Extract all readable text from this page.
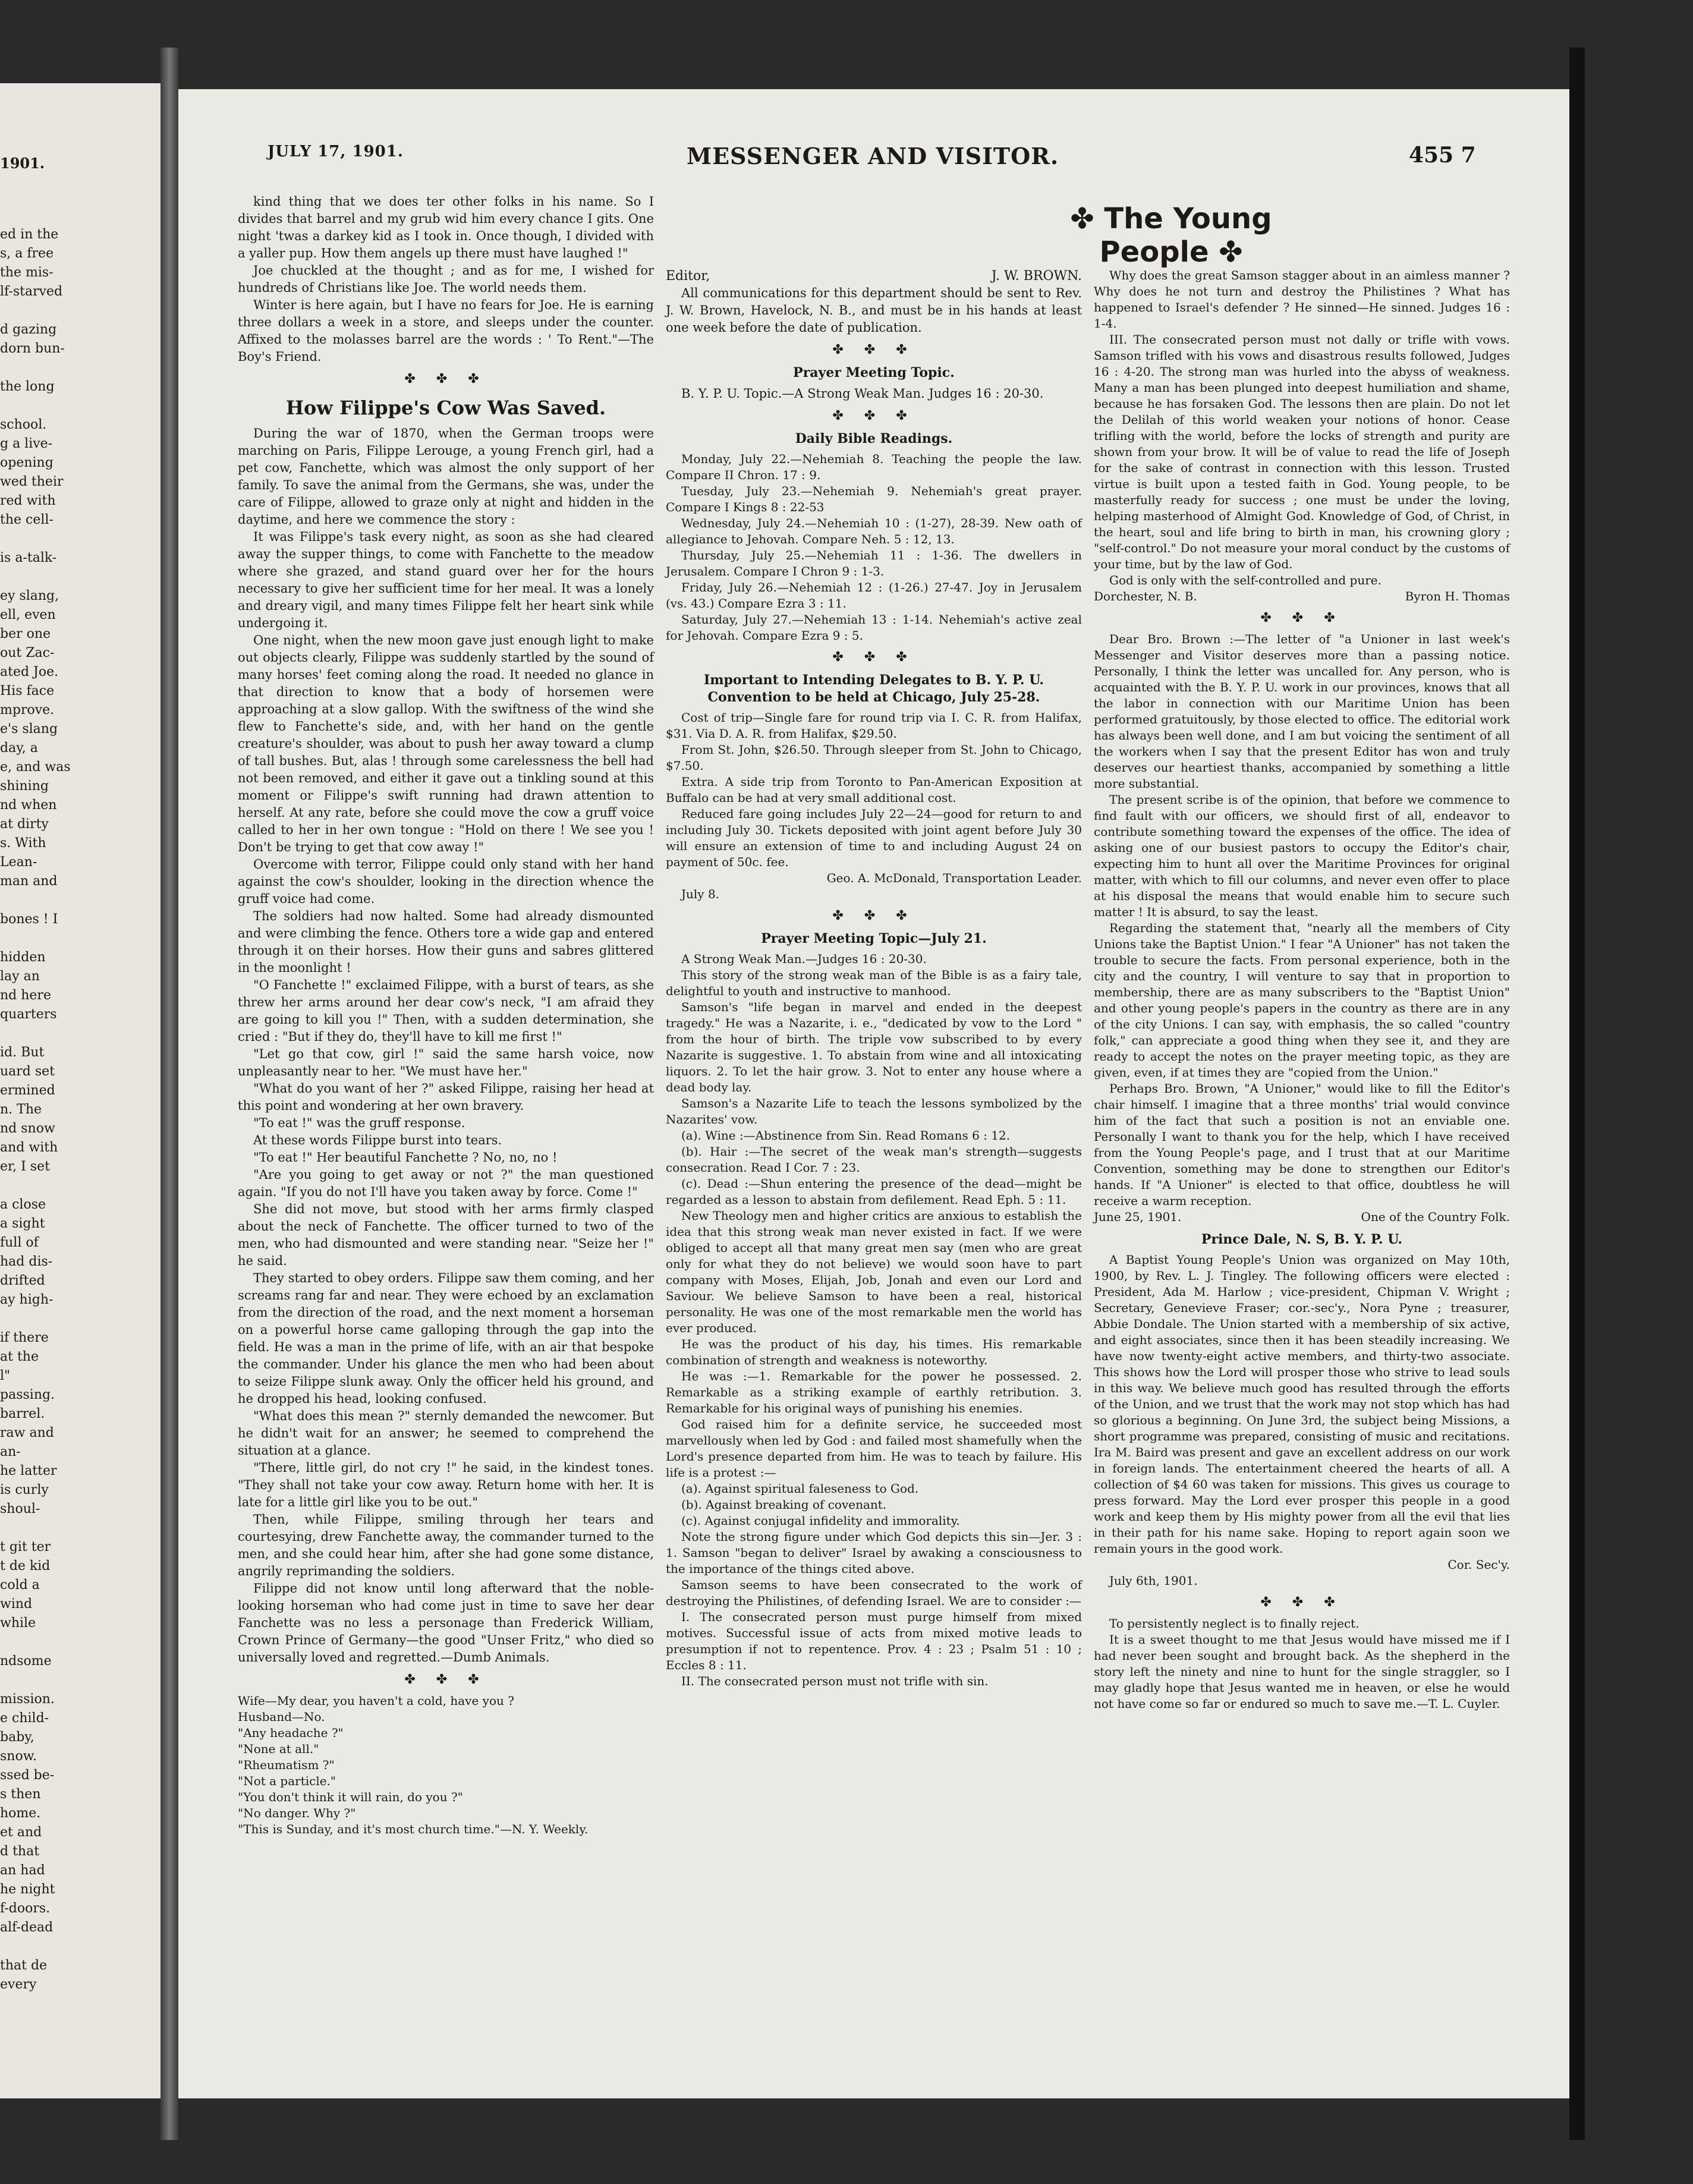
1901.
ed in the
s, a free
the mis-
lf-starved
d gazing
dorn bun-
the long
school.
g a live-
opening
wed their
red with
the cell-
is a-talk-
ey slang,
ell, even
ber one
out Zac-
ated Joe.
His face
mprove.
e's slang
day, a
e, and was
shining
nd when
at dirty
s. With
Lean-
man and
bones ! I
hidden
lay an
nd here
quarters
id. But
uard set
ermined
n. The
nd snow
and with
er, I set
a close
a sight
full of
had dis-
drifted
ay high-
if there
at the
l"
passing.
barrel.
raw and
an-
he latter
is curly
shoul-
t git ter
t de kid
cold a
wind
while
ndsome
mission.
e child-
baby,
snow.
ssed be-
s then
home.
et and
d that
an had
he night
f-doors.
alf-dead
that de
every
JULY 17, 1901.	MESSENGER AND VISITOR.	455 7

kind thing that we does ter other folks in his name. So I divides that barrel and my grub wid him every chance I gits. One night 'twas a darkey kid as I took in. Once though, I divided with a yaller pup. How them angels up there must have laughed !"

Joe chuckled at the thought ; and as for me, I wished for hundreds of Christians like Joe. The world needs them.

Winter is here again, but I have no fears for Joe. He is earning three dollars a week in a store, and sleeps under the counter. Affixed to the molasses barrel are the words : ' To Rent."—The Boy's Friend.

✤ ✤ ✤
How Filippe's Cow Was Saved.

During the war of 1870, when the German troops were marching on Paris, Filippe Lerouge, a young French girl, had a pet cow, Fanchette, which was almost the only support of her family. To save the animal from the Germans, she was, under the care of Filippe, allowed to graze only at night and hidden in the daytime, and here we commence the story :

It was Filippe's task every night, as soon as she had cleared away the supper things, to come with Fanchette to the meadow where she grazed, and stand guard over her for the hours necessary to give her sufficient time for her meal. It was a lonely and dreary vigil, and many times Filippe felt her heart sink while undergoing it.

One night, when the new moon gave just enough light to make out objects clearly, Filippe was suddenly startled by the sound of many horses' feet coming along the road. It needed no glance in that direction to know that a body of horsemen were approaching at a slow gallop. With the swiftness of the wind she flew to Fanchette's side, and, with her hand on the gentle creature's shoulder, was about to push her away toward a clump of tall bushes. But, alas ! through some carelessness the bell had not been removed, and either it gave out a tinkling sound at this moment or Filippe's swift running had drawn attention to herself. At any rate, before she could move the cow a gruff voice called to her in her own tongue : "Hold on there ! We see you ! Don't be trying to get that cow away !"

Overcome with terror, Filippe could only stand with her hand against the cow's shoulder, looking in the direction whence the gruff voice had come.

The soldiers had now halted. Some had already dismounted and were climbing the fence. Others tore a wide gap and entered through it on their horses. How their guns and sabres glittered in the moonlight !

"O Fanchette !" exclaimed Filippe, with a burst of tears, as she threw her arms around her dear cow's neck, "I am afraid they are going to kill you !" Then, with a sudden determination, she cried : "But if they do, they'll have to kill me first !"

"Let go that cow, girl !" said the same harsh voice, now unpleasantly near to her. "We must have her."

"What do you want of her ?" asked Filippe, raising her head at this point and wondering at her own bravery.

"To eat !" was the gruff response.

At these words Filippe burst into tears.

"To eat !" Her beautiful Fanchette ? No, no, no !

"Are you going to get away or not ?" the man questioned again. "If you do not I'll have you taken away by force. Come !"

She did not move, but stood with her arms firmly clasped about the neck of Fanchette. The officer turned to two of the men, who had dismounted and were standing near. "Seize her !" he said.

They started to obey orders. Filippe saw them coming, and her screams rang far and near. They were echoed by an exclamation from the direction of the road, and the next moment a horseman on a powerful horse came galloping through the gap into the field. He was a man in the prime of life, with an air that bespoke the commander. Under his glance the men who had been about to seize Filippe slunk away. Only the officer held his ground, and he dropped his head, looking confused.

"What does this mean ?" sternly demanded the newcomer. But he didn't wait for an answer; he seemed to comprehend the situation at a glance.

"There, little girl, do not cry !" he said, in the kindest tones. "They shall not take your cow away. Return home with her. It is late for a little girl like you to be out."

Then, while Filippe, smiling through her tears and courtesying, drew Fanchette away, the commander turned to the men, and she could hear him, after she had gone some distance, angrily reprimanding the soldiers.

Filippe did not know until long afterward that the noble-looking horseman who had come just in time to save her dear Fanchette was no less a personage than Frederick William, Crown Prince of Germany—the good "Unser Fritz," who died so universally loved and regretted.—Dumb Animals.

✤ ✤ ✤

Wife—My dear, you haven't a cold, have you ?

Husband—No.

"Any headache ?"

"None at all."

"Rheumatism ?"

"Not a particle."

"You don't think it will rain, do you ?"

"No danger. Why ?"

"This is Sunday, and it's most church time."—N. Y. Weekly.

✤ The Young People ✤
Editor,	J. W. BROWN.

All communications for this department should be sent to Rev. J. W. Brown, Havelock, N. B., and must be in his hands at least one week before the date of publication.

✤ ✤ ✤
Prayer Meeting Topic.

B. Y. P. U. Topic.—A Strong Weak Man. Judges 16 : 20-30.

✤ ✤ ✤
Daily Bible Readings.

Monday, July 22.—Nehemiah 8. Teaching the people the law. Compare II Chron. 17 : 9.

Tuesday, July 23.—Nehemiah 9. Nehemiah's great prayer. Compare I Kings 8 : 22-53

Wednesday, July 24.—Nehemiah 10 : (1-27), 28-39. New oath of allegiance to Jehovah. Compare Neh. 5 : 12, 13.

Thursday, July 25.—Nehemiah 11 : 1-36. The dwellers in Jerusalem. Compare I Chron 9 : 1-3.

Friday, July 26.—Nehemiah 12 : (1-26.) 27-47. Joy in Jerusalem (vs. 43.) Compare Ezra 3 : 11.

Saturday, July 27.—Nehemiah 13 : 1-14. Nehemiah's active zeal for Jehovah. Compare Ezra 9 : 5.

✤ ✤ ✤
Important to Intending Delegates to B. Y. P. U. Convention to be held at Chicago, July 25-28.

Cost of trip—Single fare for round trip via I. C. R. from Halifax, $31. Via D. A. R. from Halifax, $29.50.

From St. John, $26.50. Through sleeper from St. John to Chicago, $7.50.

Extra. A side trip from Toronto to Pan-American Exposition at Buffalo can be had at very small additional cost.

Reduced fare going includes July 22—24—good for return to and including July 30. Tickets deposited with joint agent before July 30 will ensure an extension of time to and including August 24 on payment of 50c. fee.

Geo. A. McDonald, Transportation Leader.

July 8.

✤ ✤ ✤
Prayer Meeting Topic—July 21.

A Strong Weak Man.—Judges 16 : 20-30.

This story of the strong weak man of the Bible is as a fairy tale, delightful to youth and instructive to manhood.

Samson's "life began in marvel and ended in the deepest tragedy." He was a Nazarite, i. e., "dedicated by vow to the Lord " from the hour of birth. The triple vow subscribed to by every Nazarite is suggestive. 1. To abstain from wine and all intoxicating liquors. 2. To let the hair grow. 3. Not to enter any house where a dead body lay.

Samson's a Nazarite Life to teach the lessons symbolized by the Nazarites' vow.

(a). Wine :—Abstinence from Sin. Read Romans 6 : 12.

(b). Hair :—The secret of the weak man's strength—suggests consecration. Read I Cor. 7 : 23.

(c). Dead :—Shun entering the presence of the dead—might be regarded as a lesson to abstain from defilement. Read Eph. 5 : 11.

New Theology men and higher critics are anxious to establish the idea that this strong weak man never existed in fact. If we were obliged to accept all that many great men say (men who are great only for what they do not believe) we would soon have to part company with Moses, Elijah, Job, Jonah and even our Lord and Saviour. We believe Samson to have been a real, historical personality. He was one of the most remarkable men the world has ever produced.

He was the product of his day, his times. His remarkable combination of strength and weakness is noteworthy.

He was :—1. Remarkable for the power he possessed. 2. Remarkable as a striking example of earthly retribution. 3. Remarkable for his original ways of punishing his enemies.

God raised him for a definite service, he succeeded most marvellously when led by God : and failed most shamefully when the Lord's presence departed from him. He was to teach by failure. His life is a protest :—

(a). Against spiritual faleseness to God.

(b). Against breaking of covenant.

(c). Against conjugal infidelity and immorality.

Note the strong figure under which God depicts this sin—Jer. 3 : 1. Samson "began to deliver" Israel by awaking a consciousness to the importance of the things cited above.

Samson seems to have been consecrated to the work of destroying the Philistines, of defending Israel. We are to consider :—

I. The consecrated person must purge himself from mixed motives. Successful issue of acts from mixed motive leads to presumption if not to repentence. Prov. 4 : 23 ; Psalm 51 : 10 ; Eccles 8 : 11.

II. The consecrated person must not trifle with sin.

Why does the great Samson stagger about in an aimless manner ? Why does he not turn and destroy the Philistines ? What has happened to Israel's defender ? He sinned—He sinned. Judges 16 : 1-4.

III. The consecrated person must not dally or trifle with vows. Samson trifled with his vows and disastrous results followed, Judges 16 : 4-20. The strong man was hurled into the abyss of weakness. Many a man has been plunged into deepest humiliation and shame, because he has forsaken God. The lessons then are plain. Do not let the Delilah of this world weaken your notions of honor. Cease trifling with the world, before the locks of strength and purity are shown from your brow. It will be of value to read the life of Joseph for the sake of contrast in connection with this lesson. Trusted virtue is built upon a tested faith in God. Young people, to be masterfully ready for success ; one must be under the loving, helping masterhood of Almight God. Knowledge of God, of Christ, in the heart, soul and life bring to birth in man, his crowning glory ; "self-control." Do not measure your moral conduct by the customs of your time, but by the law of God.

God is only with the self-controlled and pure.

Dorchester, N. B.	Byron H. Thomas
✤ ✤ ✤

Dear Bro. Brown :—The letter of "a Unioner in last week's Messenger and Visitor deserves more than a passing notice. Personally, I think the letter was uncalled for. Any person, who is acquainted with the B. Y. P. U. work in our provinces, knows that all the labor in connection with our Maritime Union has been performed gratuitously, by those elected to office. The editorial work has always been well done, and I am but voicing the sentiment of all the workers when I say that the present Editor has won and truly deserves our heartiest thanks, accompanied by something a little more substantial.

The present scribe is of the opinion, that before we commence to find fault with our officers, we should first of all, endeavor to contribute something toward the expenses of the office. The idea of asking one of our busiest pastors to occupy the Editor's chair, expecting him to hunt all over the Maritime Provinces for original matter, with which to fill our columns, and never even offer to place at his disposal the means that would enable him to secure such matter ! It is absurd, to say the least.

Regarding the statement that, "nearly all the members of City Unions take the Baptist Union." I fear "A Unioner" has not taken the trouble to secure the facts. From personal experience, both in the city and the country, I will venture to say that in proportion to membership, there are as many subscribers to the "Baptist Union" and other young people's papers in the country as there are in any of the city Unions. I can say, with emphasis, the so called "country folk," can appreciate a good thing when they see it, and they are ready to accept the notes on the prayer meeting topic, as they are given, even, if at times they are "copied from the Union."

Perhaps Bro. Brown, "A Unioner," would like to fill the Editor's chair himself. I imagine that a three months' trial would convince him of the fact that such a position is not an enviable one. Personally I want to thank you for the help, which I have received from the Young People's page, and I trust that at our Maritime Convention, something may be done to strengthen our Editor's hands. If "A Unioner" is elected to that office, doubtless he will receive a warm reception.

June 25, 1901.	One of the Country Folk.
Prince Dale, N. S, B. Y. P. U.

A Baptist Young People's Union was organized on May 10th, 1900, by Rev. L. J. Tingley. The following officers were elected : President, Ada M. Harlow ; vice-president, Chipman V. Wright ; Secretary, Genevieve Fraser; cor.-sec'y., Nora Pyne ; treasurer, Abbie Dondale. The Union started with a membership of six active, and eight associates, since then it has been steadily increasing. We have now twenty-eight active members, and thirty-two associate. This shows how the Lord will prosper those who strive to lead souls in this way. We believe much good has resulted through the efforts of the Union, and we trust that the work may not stop which has had so glorious a beginning. On June 3rd, the subject being Missions, a short programme was prepared, consisting of music and recitations. Ira M. Baird was present and gave an excellent address on our work in foreign lands. The entertainment cheered the hearts of all. A collection of $4 60 was taken for missions. This gives us courage to press forward. May the Lord ever prosper this people in a good work and keep them by His mighty power from all the evil that lies in their path for his name sake. Hoping to report again soon we remain yours in the good work.

Cor. Sec'y.

July 6th, 1901.

✤ ✤ ✤

To persistently neglect is to finally reject.

It is a sweet thought to me that Jesus would have missed me if I had never been sought and brought back. As the shepherd in the story left the ninety and nine to hunt for the single straggler, so I may gladly hope that Jesus wanted me in heaven, or else he would not have come so far or endured so much to save me.—T. L. Cuyler.
